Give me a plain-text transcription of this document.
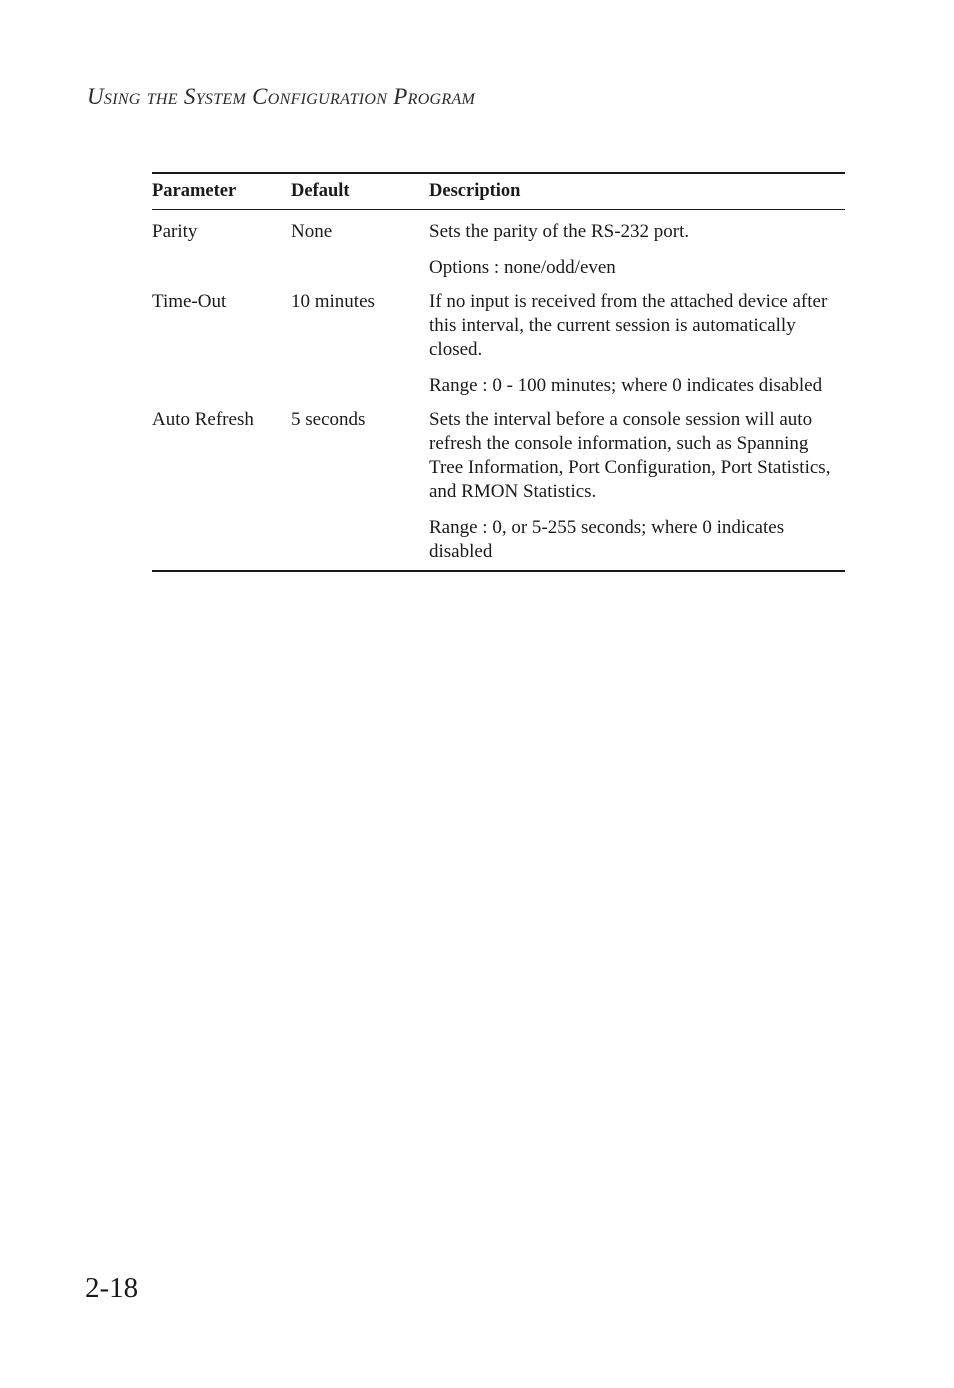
Using the System Configuration Program
Parameter	Default	Description
Parity	None	Sets the parity of the RS-232 port.

Options : none/odd/even

Time-Out	10 minutes	If no input is received from the attached device after this interval, the current session is automatically closed.

Range : 0 - 100 minutes; where 0 indicates disabled

Auto Refresh	5 seconds	Sets the interval before a console session will auto refresh the console information, such as Spanning Tree Information, Port Configuration, Port Statistics, and RMON Statistics.

Range : 0, or 5-255 seconds; where 0 indicates disabled

2-18
